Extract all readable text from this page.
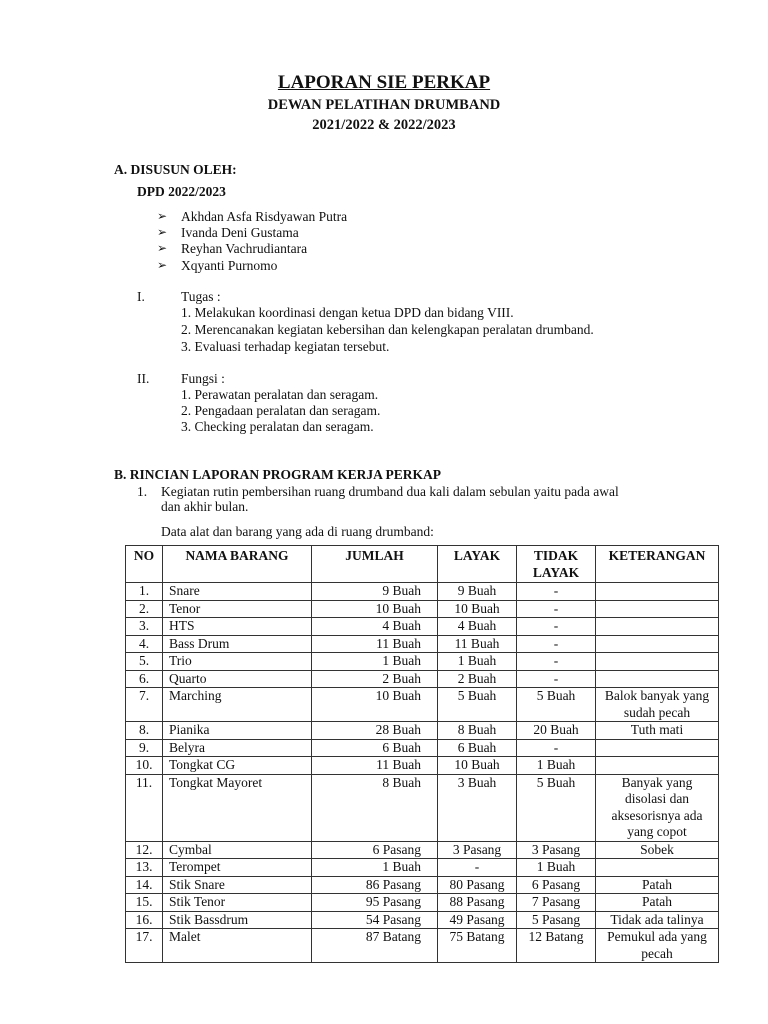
LAPORAN SIE PERKAP
DEWAN PELATIHAN DRUMBAND
2021/2022 & 2022/2023
A. DISUSUN OLEH:
DPD 2022/2023
➢ Akhdan Asfa Risdyawan Putra
➢ Ivanda Deni Gustama
➢ Reyhan Vachrudiantara
➢ Xqyanti Purnomo
I.	Tugas :
1. Melakukan koordinasi dengan ketua DPD dan bidang VIII.
2. Merencanakan kegiatan kebersihan dan kelengkapan peralatan drumband.
3. Evaluasi terhadap kegiatan tersebut.
II. Fungsi :
1. Perawatan peralatan dan seragam.
2. Pengadaan peralatan dan seragam.
3. Checking peralatan dan seragam.
B. RINCIAN LAPORAN PROGRAM KERJA PERKAP
1. Kegiatan rutin pembersihan ruang drumband dua kali dalam sebulan yaitu pada awal
dan akhir bulan.
Data alat dan barang yang ada di ruang drumband:
NO	NAMA BARANG	JUMLAH	LAYAK	TIDAK LAYAK	KETERANGAN
1.	Snare	9 Buah	9 Buah	-	
2.	Tenor	10 Buah	10 Buah	-	
3.	HTS	4 Buah	4 Buah	-	
4.	Bass Drum	11 Buah	11 Buah	-	
5.	Trio	1 Buah	1 Buah	-	
6.	Quarto	2 Buah	2 Buah	-	
7.	Marching	10 Buah	5 Buah	5 Buah	Balok banyak yang sudah pecah
8.	Pianika	28 Buah	8 Buah	20 Buah	Tuth mati
9.	Belyra	6 Buah	6 Buah	-	
10.	Tongkat CG	11 Buah	10 Buah	1 Buah	
11.	Tongkat Mayoret	8 Buah	3 Buah	5 Buah	Banyak yang disolasi dan aksesorisnya ada yang copot
12.	Cymbal	6 Pasang	3 Pasang	3 Pasang	Sobek
13.	Terompet	1 Buah	-	1 Buah	
14.	Stik Snare	86 Pasang	80 Pasang	6 Pasang	Patah
15.	Stik Tenor	95 Pasang	88 Pasang	7 Pasang	Patah
16.	Stik Bassdrum	54 Pasang	49 Pasang	5 Pasang	Tidak ada talinya
17.	Malet	87 Batang	75 Batang	12 Batang	Pemukul ada yang pecah
